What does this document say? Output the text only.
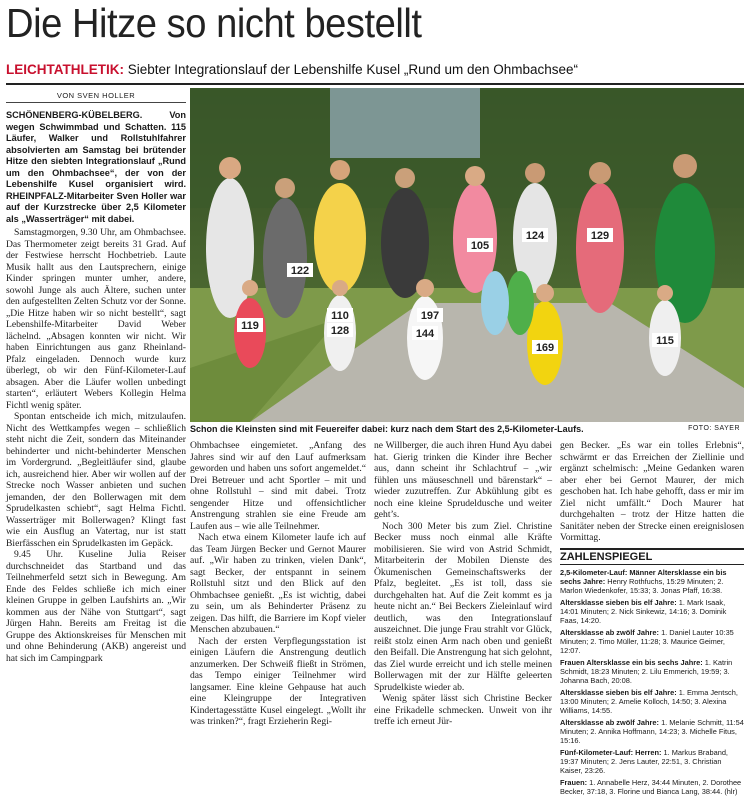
Die Hitze so nicht bestellt
LEICHTATHLETIK: Siebter Integrationslauf der Lebenshilfe Kusel „Rund um den Ohmbachsee“
VON SVEN HOLLER
SCHÖNENBERG-KÜBELBERG. Von wegen Schwimmbad und Schatten. 115 Läufer, Walker und Rollstuhlfahrer absolvierten am Samstag bei brütender Hitze den siebten Integrationslauf „Rund um den Ohmbachsee“, der von der Lebenshilfe Kusel organisiert wird. RHEINPFALZ-Mitarbeiter Sven Holler war auf der Kurzstrecke über 2,5 Kilometer als „Wasserträger“ mit dabei.

Samstagmorgen, 9.30 Uhr, am Ohmbachsee. Das Thermometer zeigt bereits 31 Grad. Auf der Festwiese herrscht Hochbetrieb. Laute Musik hallt aus den Lautsprechern, einige Kinder springen munter umher, andere, sowohl Junge als auch Ältere, suchen unter den aufgestellten Zelten Schutz vor der Sonne. „Die Hitze haben wir so nicht bestellt“, sagt Lebenshilfe-Mitarbeiter David Weber lächelnd. „Absagen konnten wir nicht. Wir haben Einrichtungen aus ganz Rheinland-Pfalz eingeladen. Dennoch wurde kurz überlegt, ob wir den Fünf-Kilometer-Lauf absagen. Aber die Läufer wollen unbedingt starten“, erläutert Webers Kollegin Helma Fichtl wenig später.

Spontan entscheide ich mich, mitzulaufen. Nicht des Wettkampfes wegen – schließlich steht nicht die Zeit, sondern das Miteinander behinderter und nicht-behinderter Menschen im Vordergrund. „Begleitläufer sind, glaube ich, ausreichend hier. Aber wir wollen auf der Strecke noch Wasser anbieten und suchen jemanden, der den Bollerwagen mit dem Sprudelkasten schiebt“, sagt Helma Fichtl. Wasserträger mit Bollerwagen? Klingt fast wie ein Ausflug an Vatertag, nur ist statt Bierfässchen ein Sprudelkasten im Gepäck.

9.45 Uhr. Kuseline Julia Reiser durchschneidet das Startband und das Teilnehmerfeld setzt sich in Bewegung. Am Ende des Feldes schließe ich mich einer kleinen Gruppe in gelben Laufshirts an. „Wir kommen aus der Nähe von Stuttgart“, sagt Jürgen Hahn. Bereits am Freitag ist die Gruppe des Aktionskreises für Menschen mit und ohne Behinderung (AKB) angereist und hat sich im Campingpark

110
119	128	144
169
197
115
129
124
105
122
Schon die Kleinsten sind mit Feuereifer dabei: kurz nach dem Start des 2,5-Kilometer-Laufs.	FOTO: SAYER

Ohmbachsee eingemietet. „Anfang des Jahres sind wir auf den Lauf aufmerksam geworden und haben uns sofort angemeldet.“ Drei Betreuer und acht Sportler – mit und ohne Rollstuhl – sind mit dabei. Trotz sengender Hitze und offensichtlicher Anstrengung strahlen sie eine Freude am Laufen aus – wie alle Teilnehmer.

Nach etwa einem Kilometer laufe ich auf das Team Jürgen Becker und Gernot Maurer auf. „Wir haben zu trinken, vielen Dank“, sagt Becker, der entspannt in seinem Rollstuhl sitzt und den Blick auf den Ohmbachsee genießt. „Es ist wichtig, dabei zu sein, um als Behinderter Präsenz zu zeigen. Das hilft, die Barriere im Kopf vieler Menschen abzubauen.“

Nach der ersten Verpflegungsstation ist einigen Läufern die Anstrengung deutlich anzumerken. Der Schweiß fließt in Strömen, das Tempo einiger Teilnehmer wird langsamer. Eine kleine Gehpause hat auch eine Kleingruppe der Integrativen Kindertagesstätte Kusel eingelegt. „Wollt ihr was trinken?“, fragt Erzieherin Regi-

ne Willberger, die auch ihren Hund Ayu dabei hat. Gierig trinken die Kinder ihre Becher aus, dann scheint ihr Schlachtruf – „wir fühlen uns mäuseschnell und bärenstark“ – wieder zuzutreffen. Zur Abkühlung gibt es noch eine kleine Sprudeldusche und weiter geht’s.

Noch 300 Meter bis zum Ziel. Christine Becker muss noch einmal alle Kräfte mobilisieren. Sie wird von Astrid Schmidt, Mitarbeiterin der Mobilen Dienste des Ökumenischen Gemeinschaftswerks der Pfalz, begleitet. „Es ist toll, dass sie durchgehalten hat. Auf die Zeit kommt es ja heute nicht an.“ Bei Beckers Zieleinlauf wird deutlich, was den Integrationslauf auszeichnet. Die junge Frau strahlt vor Glück, reißt stolz einen Arm nach oben und genießt den Beifall. Die Anstrengung hat sich gelohnt, das Ziel wurde erreicht und ich stelle meinen Bollerwagen mit der zur Hälfte geleerten Sprudelkiste wieder ab.

Wenig später lässt sich Christine Becker eine Frikadelle schmecken. Unweit von ihr treffe ich erneut Jür-

gen Becker. „Es war ein tolles Erlebnis“, schwärmt er das Erreichen der Ziellinie und ergänzt schelmisch: „Meine Gedanken waren aber eher bei Gernot Maurer, der mich geschoben hat. Ich habe gehofft, dass er mir im Ziel nicht umfällt.“ Doch Maurer hat durchgehalten – trotz der Hitze hatten die Sanitäter neben der Strecke einen ereignislosen Vormittag.

ZAHLENSPIEGEL

2,5-Kilometer-Lauf: Männer Altersklasse ein bis sechs Jahre: Henry Rothfuchs, 15:29 Minuten; 2. Marlon Wiedenkofer, 15:33; 3. Jonas Pfaff, 16:38.

Altersklasse sieben bis elf Jahre: 1. Mark Isaak, 14:01 Minuten; 2. Nick Sinkewiz, 14:16; 3. Dominik Faas, 14:20.

Altersklasse ab zwölf Jahre: 1. Daniel Lauter 10:35 Minuten; 2. Timo Müller, 11:28; 3. Maurice Geimer, 12:07.

Frauen Altersklasse ein bis sechs Jahre: 1. Katrin Schmidt, 18:23 Minuten; 2. Lilu Emmerich, 19:59; 3. Johanna Bach, 20:08.

Altersklasse sieben bis elf Jahre: 1. Emma Jentsch, 13:00 Minuten; 2. Amelie Kolloch, 14:50; 3. Alexina Williams, 14:55.

Altersklasse ab zwölf Jahre: 1. Melanie Schmitt, 11:54 Minuten; 2. Annika Hoffmann, 14:23; 3. Michelle Fitus, 15:16.

Fünf-Kilometer-Lauf: Herren: 1. Markus Braband, 19:37 Minuten; 2. Jens Lauter, 22:51, 3. Christian Kaiser, 23:26.

Frauen: 1. Annabelle Herz, 34:44 Minuten, 2. Dorothee Becker, 37:18, 3. Florine und Bianca Lang, 38:44. (hlr)
